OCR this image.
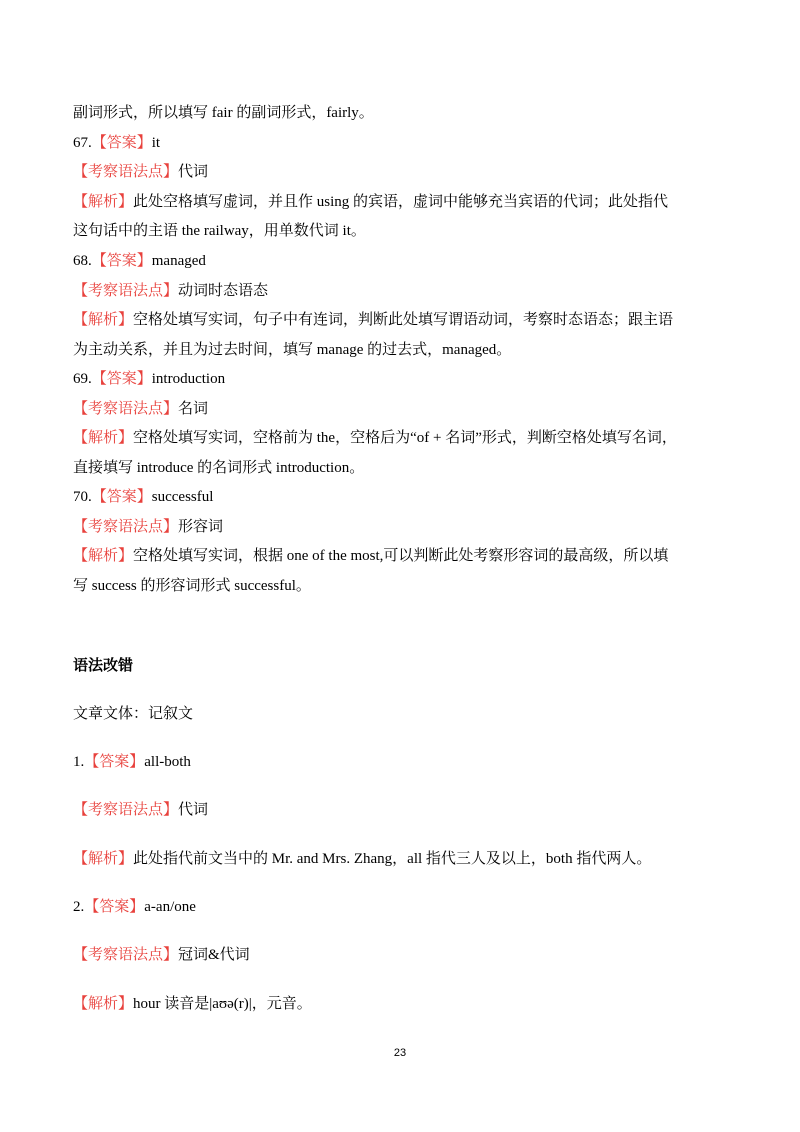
副词形式，所以填写 fair 的副词形式，fairly。
67.【答案】it
【考察语法点】代词
【解析】此处空格填写虚词，并且作 using 的宾语，虚词中能够充当宾语的代词；此处指代
这句话中的主语 the railway，用单数代词 it。
68.【答案】managed
【考察语法点】动词时态语态
【解析】空格处填写实词，句子中有连词，判断此处填写谓语动词，考察时态语态；跟主语
为主动关系，并且为过去时间，填写 manage 的过去式，managed。
69.【答案】introduction
【考察语法点】名词
【解析】空格处填写实词，空格前为 the，空格后为“of + 名词”形式，判断空格处填写名词，
直接填写 introduce 的名词形式 introduction。
70.【答案】successful
【考察语法点】形容词
【解析】空格处填写实词，根据 one of the most,可以判断此处考察形容词的最高级，所以填
写 success 的形容词形式 successful。
语法改错
文章文体：记叙文
1.【答案】all-both
【考察语法点】代词
【解析】此处指代前文当中的 Mr. and Mrs. Zhang，all 指代三人及以上，both 指代两人。
2.【答案】a-an/one
【考察语法点】冠词&代词
【解析】hour 读音是|aʊə(r)|，元音。
23
